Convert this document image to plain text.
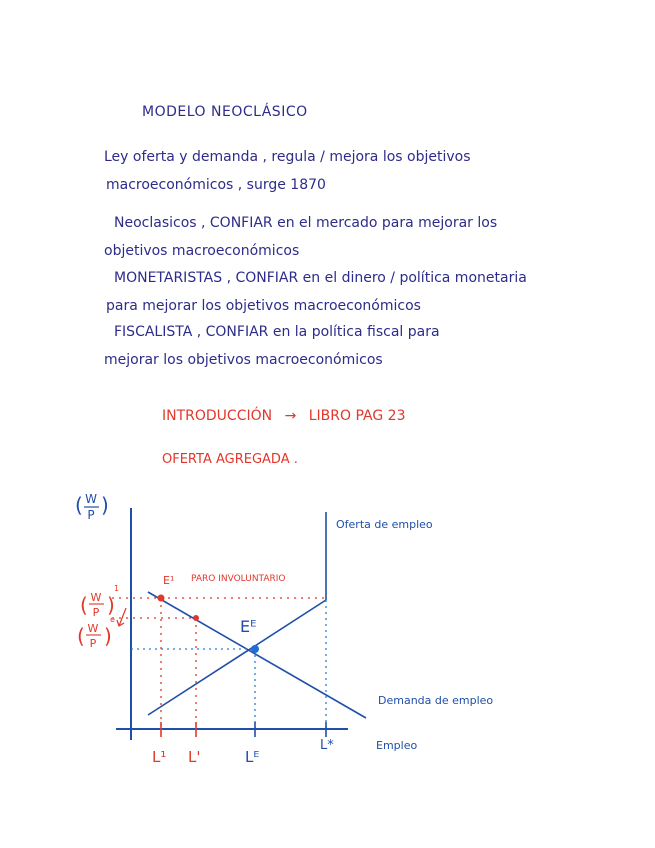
MODELO NEOCLÁSICO
Ley oferta y demanda , regula / mejora los objetivos
macroeconómicos , surge 1870
Neoclasicos , CONFIAR en el mercado para mejorar los
objetivos macroeconómicos
MONETARISTAS , CONFIAR en el dinero / política monetaria
para mejorar los objetivos macroeconómicos
FISCALISTA , CONFIAR en la política fiscal para
mejorar los objetivos macroeconómicos
INTRODUCCIÓN → LIBRO PAG 23
OFERTA AGREGADA .
( )
W
P
Oferta de empleo
Demanda de empleo
Empleo
E¹ PARO INVOLUNTARIO
Eᴱ
( )
W
P
1
( )
W
P
e
L¹ L'	Lᴱ
L*
